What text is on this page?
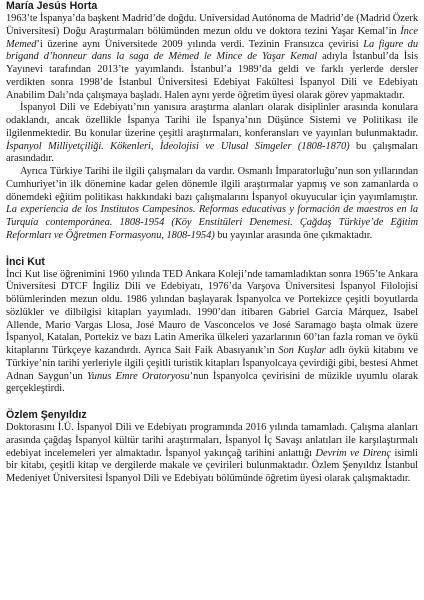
María Jesús Horta

1963’te İspanya’da başkent Madrid’de doğdu. Universidad Autónoma de Madrid’de (Madrid Özerk Üniversitesi) Doğu Araştırmaları bölümünden mezun oldu ve doktora tezini Yaşar Kemal’in İnce Memed’i üzerine aynı Üniversitede 2009 yılında verdi. Tezinin Fransızca çevirisi La figure du brigand d’honneur dans la saga de Mèmed le Mince de Yaşar Kemal adıyla İstanbul’da İsis Yayınevi tarafından 2013’te yayımlandı. İstanbul’a 1989’da geldi ve farklı yerlerde dersler verdikten sonra 1998’de İstanbul Üniversitesi Edebiyat Fakültesi İspanyol Dili ve Edebiyatı Anabilim Dalı’nda çalışmaya başladı. Halen aynı yerde öğretim üyesi olarak görev yapmaktadır.

İspanyol Dili ve Edebiyatı’nın yanısıra araştırma alanları olarak disiplinler arasında konulara odaklandı, ancak özellikle İspanya Tarihi ile İspanya’nın Düşünce Sistemi ve Politikası ile ilgilenmektedir. Bu konular üzerine çeşitli araştırmaları, konferansları ve yayınları bulunmaktadır. İspanyol Milliyetçiliği. Kökenleri, İdeolojisi ve Ulusal Simgeler (1808-1870) bu çalışmaları arasındadır.

Ayrıca Türkiye Tarihi ile ilgili çalışmaları da vardır. Osmanlı İmparatorluğu’nun son yıllarından Cumhuriyet’in ilk dönemine kadar gelen dönemle ilgili araştırmalar yapmış ve son zamanlarda o dönemdeki eğitim politikası hakkındaki bazı çalışmalarını İspanyol okuyucular için yayımlamıştır. La experiencia de los Institutos Campesinos. Reformas educativas y formación de maestros en la Turquía contemporánea. 1808-1954 (Köy Enstitüleri Denemesi. Çağdaş Türkiye’de Eğitim Reformları ve Öğretmen Formasyonu, 1808-1954) bu yayınlar arasında öne çıkmaktadır.

İnci Kut

İnci Kut lise öğrenimini 1960 yılında TED Ankara Koleji’nde tamamladıktan sonra 1965’te Ankara Üniversitesi DTCF İngiliz Dili ve Edebiyatı, 1976’da Varşova Üniversitesi İspanyol Filolojisi bölümlerinden mezun oldu. 1986 yılından başlayarak İspanyolca ve Portekizce çeşitli boyutlarda sözlükler ve dilbilgisi kitapları yayımladı. 1990’dan itibaren Gabriel García Márquez, Isabel Allende, Mario Vargas Llosa, José Mauro de Vasconcelos ve José Saramago başta olmak üzere İspanyol, Katalan, Portekiz ve bazı Latin Amerika ülkeleri yazarlarının 60’tan fazla roman ve öykü kitaplarını Türkçeye kazandırdı. Ayrıca Sait Faik Abasıyanık’ın Son Kuşlar adlı öykü kitabını ve Türkiye’nin tarihi yerleriyle ilgili çeşitli turistik kitapları İspanyolcaya çevirdiği gibi, bestesi Ahmet Adnan Saygun’un Yunus Emre Oratoryosu’nun İspanyolca çevirisini de müzikle uyumlu olarak gerçekleştirdi.

Özlem Şenyıldız

Doktorasını İ.Ü. İspanyol Dili ve Edebiyatı programında 2016 yılında tamamladı. Çalışma alanları arasında çağdaş İspanyol kültür tarihi araştırmaları, İspanyol İç Savaşı anlatıları ile karşılaştırmalı edebiyat incelemeleri yer almaktadır. İspanyol yakınçağ tarihini anlattığı Devrim ve Direnç isimli bir kitabı, çeşitli kitap ve dergilerde makale ve çevirileri bulunmaktadır. Özlem Şenyıldız İstanbul Medeniyet Üniversitesi İspanyol Dili ve Edebiyatı bölümünde öğretim üyesi olarak çalışmaktadır.
